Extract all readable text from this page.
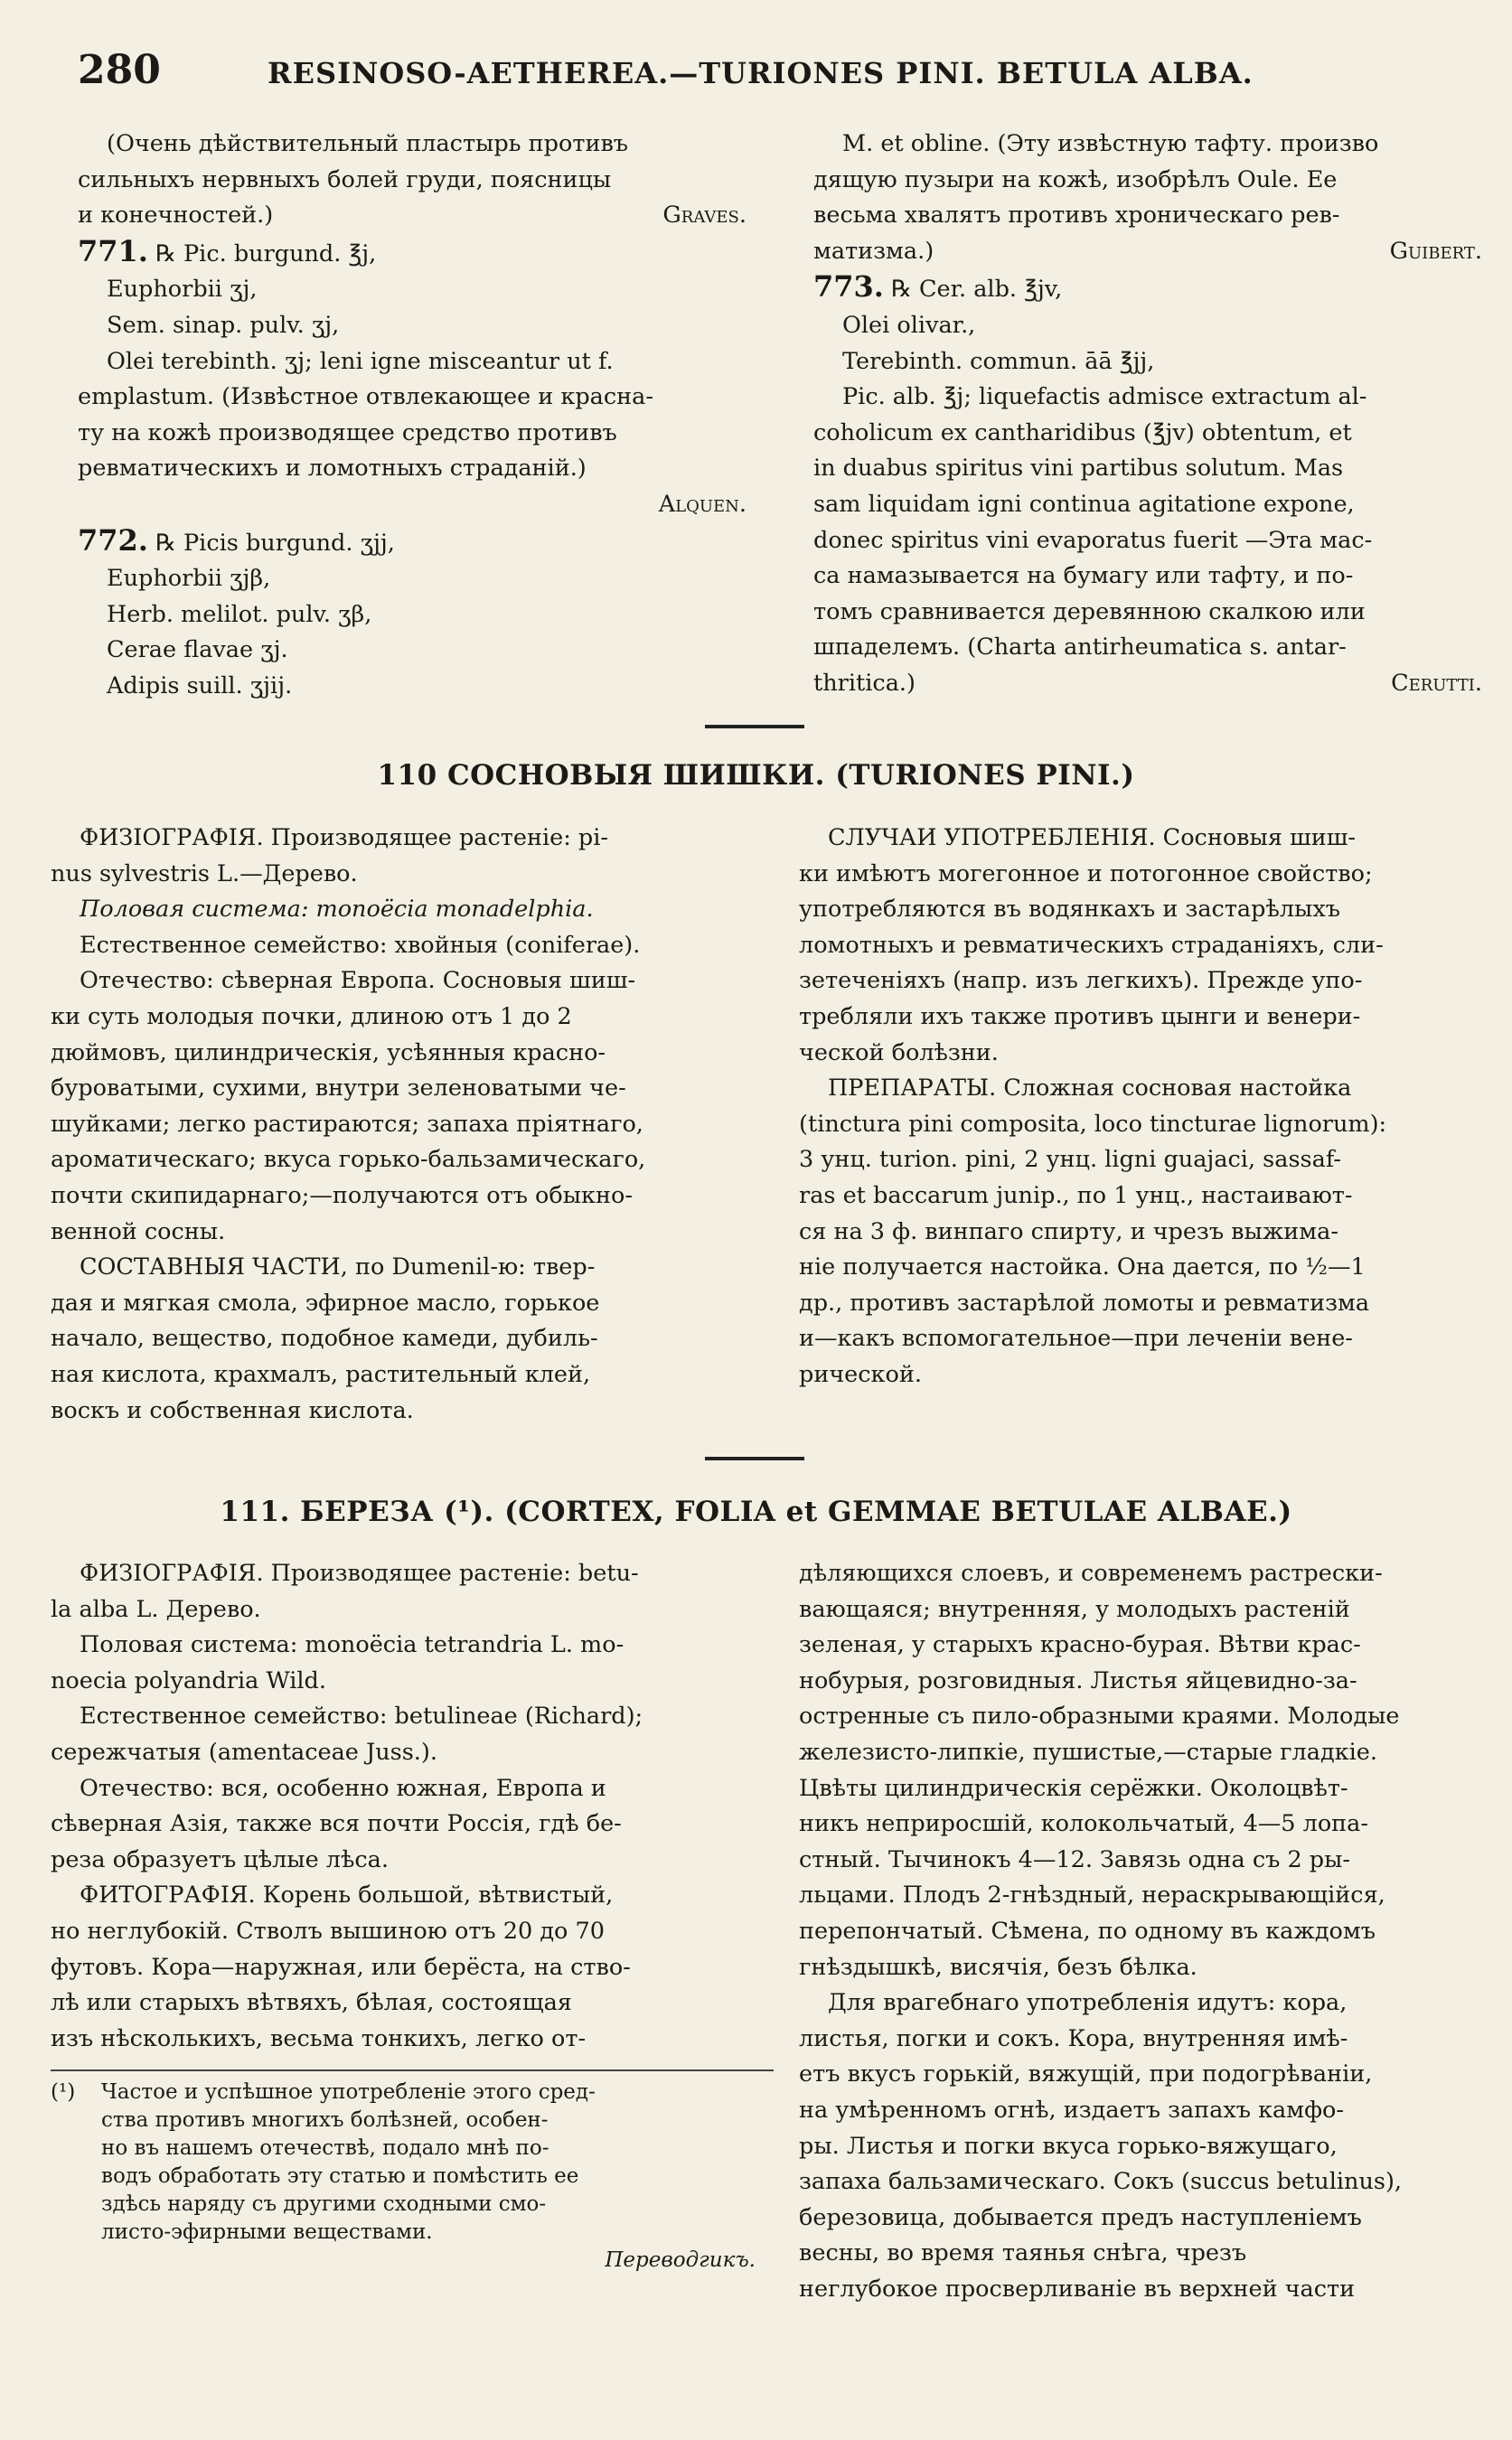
280	RESINOSO-AETHEREA.—TURIONES PINI. BETULA ALBA.

(Очень дѣйствительный пластырь противъ

сильныхъ нервныхъ болей груди, поясницы

и конечностей.)	Graves.

771. ℞ Pic. burgund. ℥j,

Euphorbii ʒj,

Sem. sinap. pulv. ʒj,

Olei terebinth. ʒj; leni igne misceantur ut f.

emplastum. (Извѣстное отвлекающее и красна-

ту на кожѣ производящее средство противъ

ревматическихъ и ломотныхъ страданій.)

Alquen.

772. ℞ Picis burgund. ʒjj,

Euphorbii ʒjβ,

Herb. melilot. pulv. ʒβ,

Cerae flavae ʒj.

Adipis suill. ʒjij.

M. et oblinе. (Эту извѣстную тафту. произво

дящую пузыри на кожѣ, изобрѣлъ Oule. Ее

весьма хвалятъ противъ хроническаго рев-

матизма.)	Guibert.

773. ℞ Cer. alb. ℥jv,

Olei olivar.,

Terebinth. commun. āā ℥jj,

Pic. alb. ℥j; liquefactis admisce extractum al-

coholicum ex cantharidibus (℥jv) obtentum, et

in duabus spiritus vini partibus solutum. Mas

sam liquidam igni continua agitatione expone,

donec spiritus vini evaporatus fuerit —Эта мас-

са намазывается на бумагу или тафту, и по-

томъ сравнивается деревянною скалкою или

шпаделемъ. (Charta antirheumatica s. antar-

thritica.)	Cerutti.

110 СОСНОВЫЯ ШИШКИ. (TURIONES PINI.)

ФИЗІОГРАФІЯ. Производящее растеніе: pi-

nus sylvestris L.—Дерево.

Половая система: monoëcia monadelphia.

Естественное семейство: хвойныя (coniferae).

Отечество: сѣверная Европа. Сосновыя шиш-

ки суть молодыя почки, длиною отъ 1 до 2

дюймовъ, цилиндрическія, усѣянныя красно-

буроватыми, сухими, внутри зеленоватыми че-

шуйками; легко растираются; запаха пріятнаго,

ароматическаго; вкуса горько-бальзамическаго,

почти скипидарнаго;—получаются отъ обыкно-

венной сосны.

СОСТАВНЫЯ ЧАСТИ, по Dumenil-ю: твер-

дая и мягкая смола, эфирное масло, горькое

начало, вещество, подобное камеди, дубиль-

ная кислота, крахмалъ, растительный клей,

воскъ и собственная кислота.

СЛУЧАИ УПОТРЕБЛЕНІЯ. Сосновыя шиш-

ки имѣютъ могегонное и потогонное свойство;

употребляются въ водянкахъ и застарѣлыхъ

ломотныхъ и ревматическихъ страданіяхъ, сли-

зетеченіяхъ (напр. изъ легкихъ). Прежде упо-

требляли ихъ также противъ цынги и венери-

ческой болѣзни.

ПРЕПАРАТЫ. Сложная сосновая настойка

(tinctura pini composita, loco tincturae lignorum):

3 унц. turion. pini, 2 унц. ligni guajaci, sassaf-

ras et baccarum junip., по 1 унц., настаивают-

ся на 3 ф. винпаго спирту, и чрезъ выжима-

ніе получается настойка. Она дается, по ½—1

др., противъ застарѣлой ломоты и ревматизма

и—какъ вспомогательное—при леченіи вене-

рической.

111. БЕРЕЗА (¹). (CORTEX, FOLIA et GEMMAE BETULAE ALBAE.)

ФИЗІОГРАФІЯ. Производящее растеніе: betu-

la alba L. Дерево.

Половая система: monoëcia tetrandria L. mo-

noecia polyandria Wild.

Естественное семейство: betulineae (Richard);

сережчатыя (amentaceae Juss.).

Отечество: вся, особенно южная, Европа и

сѣверная Азія, также вся почти Россія, гдѣ бе-

реза образуетъ цѣлые лѣса.

ФИТОГРАФІЯ. Корень большой, вѣтвистый,

но неглубокій. Стволъ вышиною отъ 20 до 70

футовъ. Кора—наружная, или берёста, на ство-

лѣ или старыхъ вѣтвяхъ, бѣлая, состоящая

изъ нѣсколькихъ, весьма тонкихъ, легко от-

дѣляющихся слоевъ, и современемъ растрески-

вающаяся; внутренняя, у молодыхъ растеній

зеленая, у старыхъ красно-бурая. Вѣтви крас-

нобурыя, розговидныя. Листья яйцевидно-за-

остренные съ пило-образными краями. Молодые

железисто-липкіе, пушистые,—старые гладкіе.

Цвѣты цилиндрическія серёжки. Околоцвѣт-

никъ неприросшій, колокольчатый, 4—5 лопа-

стный. Тычинокъ 4—12. Завязь одна съ 2 ры-

льцами. Плодъ 2-гнѣздный, нераскрывающійся,

перепончатый. Сѣмена, по одному въ каждомъ

гнѣздышкѣ, висячія, безъ бѣлка.

Для врагебнаго употребленія идутъ: кора,

листья, погки и сокъ. Кора, внутренняя имѣ-

етъ вкусъ горькій, вяжущій, при подогрѣваніи,

на умѣренномъ огнѣ, издаетъ запахъ камфо-

ры. Листья и погки вкуса горько-вяжущаго,

запаха бальзамическаго. Сокъ (succus betulinus),

березовица, добывается предъ наступленіемъ

весны, во время таянья снѣга, чрезъ

неглубокое просверливаніе въ верхней части

(¹)	Частое и успѣшное употребленіе этого сред-

ства противъ многихъ болѣзней, особен-

но въ нашемъ отечествѣ, подало мнѣ по-

водъ обработать эту статью и помѣстить ее

здѣсь наряду съ другими сходными смо-

листо-эфирными веществами.

Переводгикъ.
